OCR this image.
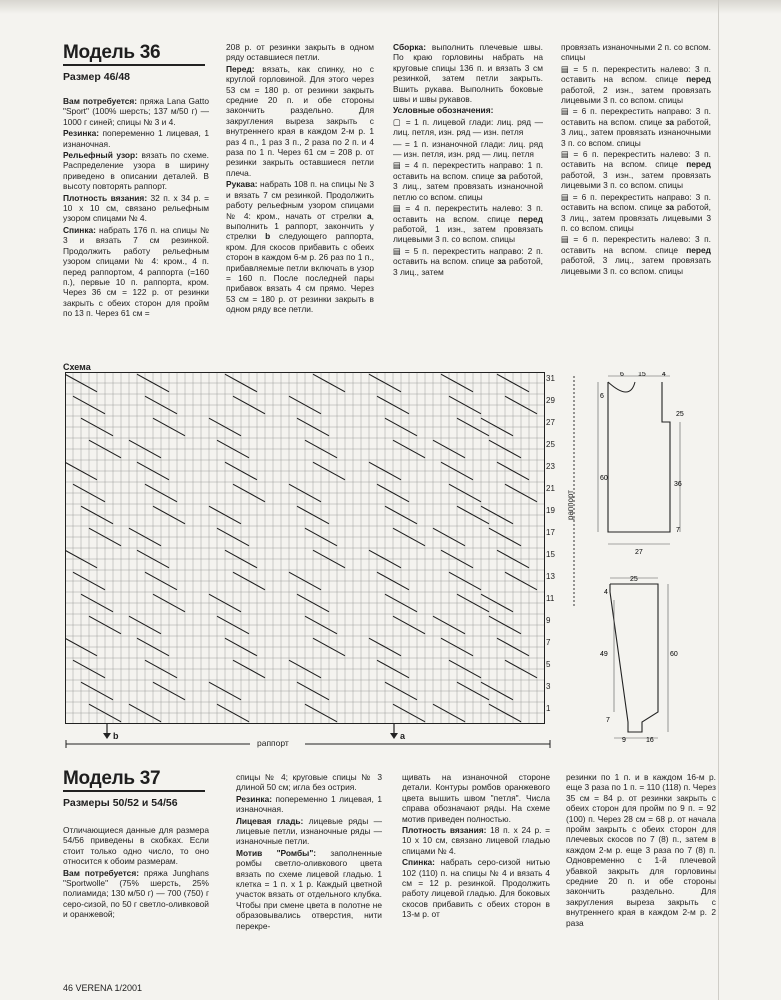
Модель 36
Размер 46/48

Вам потребуется: пряжа Lana Gatto "Sport" (100% шерсть; 137 м/50 г) — 1000 г синей; спицы № 3 и 4.

Резинка: попеременно 1 лицевая, 1 изнаночная.

Рельефный узор: вязать по схеме. Распределение узора в ширину приведено в описании деталей. В высоту повторять раппорт.

Плотность вязания: 32 п. х 34 р. = 10 х 10 см, связано рельефным узором спицами № 4.

Спинка: набрать 176 п. на спицы № 3 и вязать 7 см резинкой. Продолжить работу рельефным узором спицами № 4: кром., 4 п. перед раппортом, 4 раппорта (=160 п.), первые 10 п. раппорта, кром. Через 36 см = 122 р. от резинки закрыть с обеих сторон для пройм по 13 п. Через 61 см =

208 р. от резинки закрыть в одном ряду оставшиеся петли.

Перед: вязать, как спинку, но с круглой горловиной. Для этого через 53 см = 180 р. от резинки закрыть средние 20 п. и обе стороны закончить раздельно. Для закругления выреза закрыть с внутреннего края в каждом 2-м р. 1 раз 4 п., 1 раз 3 п., 2 раза по 2 п. и 4 раза по 1 п. Через 61 см = 208 р. от резинки закрыть оставшиеся петли плеча.

Рукава: набрать 108 п. на спицы № 3 и вязать 7 см резинкой. Продолжить работу рельефным узором спицами № 4: кром., начать от стрелки а, выполнить 1 раппорт, закончить у стрелки b следующего раппорта, кром. Для скосов прибавить с обеих сторон в каждом 6-м р. 26 раз по 1 п., прибавляемые петли включать в узор = 160 п. После последней пары прибавок вязать 4 см прямо. Через 53 см = 180 р. от резинки закрыть в одном ряду все петли.

Сборка: выполнить плечевые швы. По краю горловины набрать на круговые спицы 136 п. и вязать 3 см резинкой, затем петли закрыть. Вшить рукава. Выполнить боковые швы и швы рукавов.

Условные обозначения:

▢ = 1 п. лицевой глади: лиц. ряд — лиц. петля, изн. ряд — изн. петля

— = 1 п. изнаночной глади: лиц. ряд — изн. петля, изн. ряд — лиц. петля

▤ = 4 п. перекрестить направо: 1 п. оставить на вспом. спице за работой, 3 лиц., затем провязать изнаночной петлю со вспом. спицы

▤ = 4 п. перекрестить налево: 3 п. оставить на вспом. спице перед работой, 1 изн., затем провязать лицевыми 3 п. со вспом. спицы

▤ = 5 п. перекрестить направо: 2 п. оставить на вспом. спице за работой, 3 лиц., затем

провязать изнаночными 2 п. со вспом. спицы

▤ = 5 п. перекрестить налево: 3 п. оставить на вспом. спице перед работой, 2 изн., затем провязать лицевыми 3 п. со вспом. спицы

▤ = 6 п. перекрестить направо: 3 п. оставить на вспом. спице за работой, 3 лиц., затем провязать изнаночными 3 п. со вспом. спицы

▤ = 6 п. перекрестить налево: 3 п. оставить на вспом. спице перед работой, 3 изн., затем провязать лицевыми 3 п. со вспом. спицы

▤ = 6 п. перекрестить направо: 3 п. оставить на вспом. спице за работой, 3 лиц., затем провязать лицевыми 3 п. со вспом. спицы

▤ = 6 п. перекрестить налево: 3 п. оставить на вспом. спице перед работой, 3 лиц., затем провязать лицевыми 3 п. со вспом. спицы

Схема
31
29
27
25
23
21
19
17
15
13
11
9
7
5
3
1
раппорт
b	a
раппорт
6 15 4
6
25
60
36
27
7
25
4
49	60
7
9	16
Модель 37
Размеры 50/52 и 54/56

Отличающиеся данные для размера 54/56 приведены в скобках. Если стоит только одно число, то оно относится к обоим размерам.

Вам потребуется: пряжа Junghans "Sportwolle" (75% шерсть, 25% полиамида; 130 м/50 г) — 700 (750) г серо-сизой, по 50 г светло-оливковой и оранжевой;

спицы № 4; круговые спицы № 3 длиной 50 см; игла без острия.

Резинка: попеременно 1 лицевая, 1 изнаночная.

Лицевая гладь: лицевые ряды — лицевые петли, изнаночные ряды — изнаночные петли.

Мотив "Ромбы": заполненные ромбы светло-оливкового цвета вязать по схеме лицевой гладью. 1 клетка = 1 п. х 1 р. Каждый цветной участок вязать от отдельного клубка. Чтобы при смене цвета в полотне не образовывались отверстия, нити перекре-

щивать на изнаночной стороне детали. Контуры ромбов оранжевого цвета вышить швом "петля". Числа справа обозначают ряды. На схеме мотив приведен полностью.

Плотность вязания: 18 п. х 24 р. = 10 х 10 см, связано лицевой гладью спицами № 4.

Спинка: набрать серо-сизой нитью 102 (110) п. на спицы № 4 и вязать 4 см = 12 р. резинкой. Продолжить работу лицевой гладью. Для боковых скосов прибавить с обеих сторон в 13-м р. от

резинки по 1 п. и в каждом 16-м р. еще 3 раза по 1 п. = 110 (118) п. Через 35 см = 84 р. от резинки закрыть с обеих сторон для пройм по 9 п. = 92 (100) п. Через 28 см = 68 р. от начала пройм закрыть с обеих сторон для плечевых скосов по 7 (8) п., затем в каждом 2-м р. еще 3 раза по 7 (8) п. Одновременно с 1-й плечевой убавкой закрыть для горловины средние 20 п. и обе стороны закончить раздельно. Для закругления выреза закрыть с внутреннего края в каждом 2-м р. 2 раза

46 VERENA 1/2001
